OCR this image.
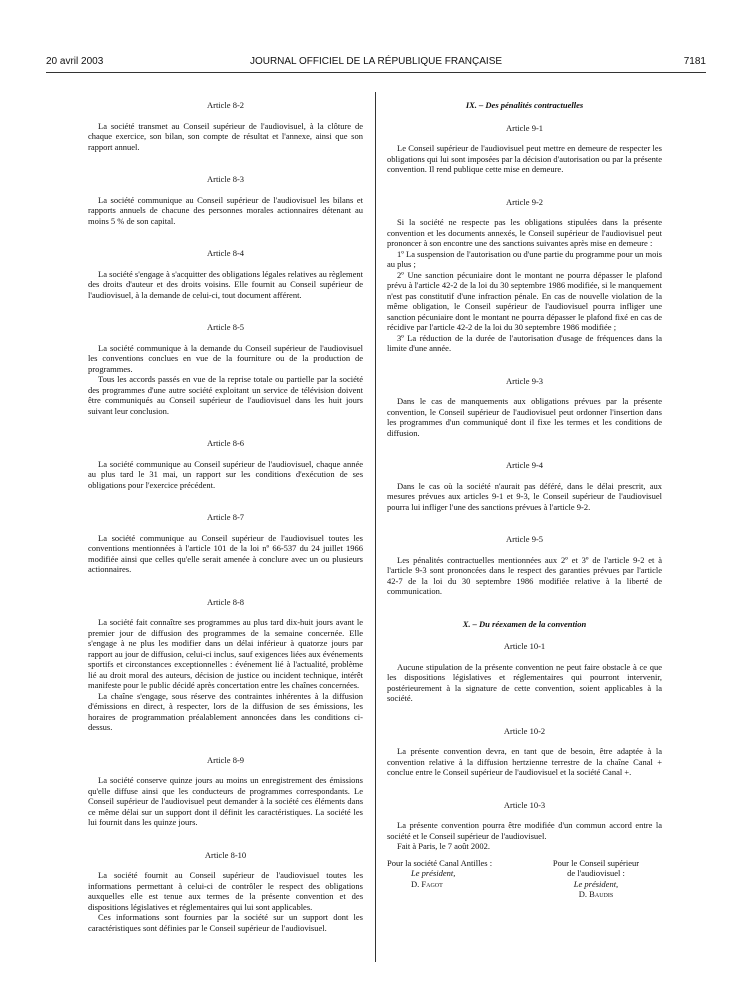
20 avril 2003	JOURNAL OFFICIEL DE LA RÉPUBLIQUE FRANÇAISE	7181

Article 8-2

La société transmet au Conseil supérieur de l'audiovisuel, à la clôture de chaque exercice, son bilan, son compte de résultat et l'annexe, ainsi que son rapport annuel.

Article 8-3

La société communique au Conseil supérieur de l'audiovisuel les bilans et rapports annuels de chacune des personnes morales actionnaires détenant au moins 5 % de son capital.

Article 8-4

La société s'engage à s'acquitter des obligations légales relatives au règlement des droits d'auteur et des droits voisins. Elle fournit au Conseil supérieur de l'audiovisuel, à la demande de celui-ci, tout document afférent.

Article 8-5

La société communique à la demande du Conseil supérieur de l'audiovisuel les conventions conclues en vue de la fourniture ou de la production de programmes.

Tous les accords passés en vue de la reprise totale ou partielle par la société des programmes d'une autre société exploitant un service de télévision doivent être communiqués au Conseil supérieur de l'audiovisuel dans les huit jours suivant leur conclusion.

Article 8-6

La société communique au Conseil supérieur de l'audiovisuel, chaque année au plus tard le 31 mai, un rapport sur les conditions d'exécution de ses obligations pour l'exercice précédent.

Article 8-7

La société communique au Conseil supérieur de l'audiovisuel toutes les conventions mentionnées à l'article 101 de la loi nº 66-537 du 24 juillet 1966 modifiée ainsi que celles qu'elle serait amenée à conclure avec un ou plusieurs actionnaires.

Article 8-8

La société fait connaître ses programmes au plus tard dix-huit jours avant le premier jour de diffusion des programmes de la semaine concernée. Elle s'engage à ne plus les modifier dans un délai inférieur à quatorze jours par rapport au jour de diffusion, celui-ci inclus, sauf exigences liées aux événements sportifs et circonstances exceptionnelles : événement lié à l'actualité, problème lié au droit moral des auteurs, décision de justice ou incident technique, intérêt manifeste pour le public décidé après concertation entre les chaînes concernées.

La chaîne s'engage, sous réserve des contraintes inhérentes à la diffusion d'émissions en direct, à respecter, lors de la diffusion de ses émissions, les horaires de programmation préalablement annoncées dans les conditions ci-dessus.

Article 8-9

La société conserve quinze jours au moins un enregistrement des émissions qu'elle diffuse ainsi que les conducteurs de programmes correspondants. Le Conseil supérieur de l'audiovisuel peut demander à la société ces éléments dans ce même délai sur un support dont il définit les caractéristiques. La société les lui fournit dans les quinze jours.

Article 8-10

La société fournit au Conseil supérieur de l'audiovisuel toutes les informations permettant à celui-ci de contrôler le respect des obligations auxquelles elle est tenue aux termes de la présente convention et des dispositions législatives et réglementaires qui lui sont applicables.

Ces informations sont fournies par la société sur un support dont les caractéristiques sont définies par le Conseil supérieur de l'audiovisuel.

IX. – Des pénalités contractuelles

Article 9-1

Le Conseil supérieur de l'audiovisuel peut mettre en demeure de respecter les obligations qui lui sont imposées par la décision d'autorisation ou par la présente convention. Il rend publique cette mise en demeure.

Article 9-2

Si la société ne respecte pas les obligations stipulées dans la présente convention et les documents annexés, le Conseil supérieur de l'audiovisuel peut prononcer à son encontre une des sanctions suivantes après mise en demeure :

1º La suspension de l'autorisation ou d'une partie du programme pour un mois au plus ;

2º Une sanction pécuniaire dont le montant ne pourra dépasser le plafond prévu à l'article 42-2 de la loi du 30 septembre 1986 modifiée, si le manquement n'est pas constitutif d'une infraction pénale. En cas de nouvelle violation de la même obligation, le Conseil supérieur de l'audiovisuel pourra infliger une sanction pécuniaire dont le montant ne pourra dépasser le plafond fixé en cas de récidive par l'article 42-2 de la loi du 30 septembre 1986 modifiée ;

3º La réduction de la durée de l'autorisation d'usage de fréquences dans la limite d'une année.

Article 9-3

Dans le cas de manquements aux obligations prévues par la présente convention, le Conseil supérieur de l'audiovisuel peut ordonner l'insertion dans les programmes d'un communiqué dont il fixe les termes et les conditions de diffusion.

Article 9-4

Dans le cas où la société n'aurait pas déféré, dans le délai prescrit, aux mesures prévues aux articles 9-1 et 9-3, le Conseil supérieur de l'audiovisuel pourra lui infliger l'une des sanctions prévues à l'article 9-2.

Article 9-5

Les pénalités contractuelles mentionnées aux 2º et 3º de l'article 9-2 et à l'article 9-3 sont prononcées dans le respect des garanties prévues par l'article 42-7 de la loi du 30 septembre 1986 modifiée relative à la liberté de communication.

X. – Du réexamen de la convention

Article 10-1

Aucune stipulation de la présente convention ne peut faire obstacle à ce que les dispositions législatives et réglementaires qui pourront intervenir, postérieurement à la signature de cette convention, soient applicables à la société.

Article 10-2

La présente convention devra, en tant que de besoin, être adaptée à la convention relative à la diffusion hertzienne terrestre de la chaîne Canal + conclue entre le Conseil supérieur de l'audiovisuel et la société Canal +.

Article 10-3

La présente convention pourra être modifiée d'un commun accord entre la société et le Conseil supérieur de l'audiovisuel.

Fait à Paris, le 7 août 2002.

Pour la société Canal Antilles :
Le président,
D. Fagot
Pour le Conseil supérieur
de l'audiovisuel :
Le président,
D. Baudis
